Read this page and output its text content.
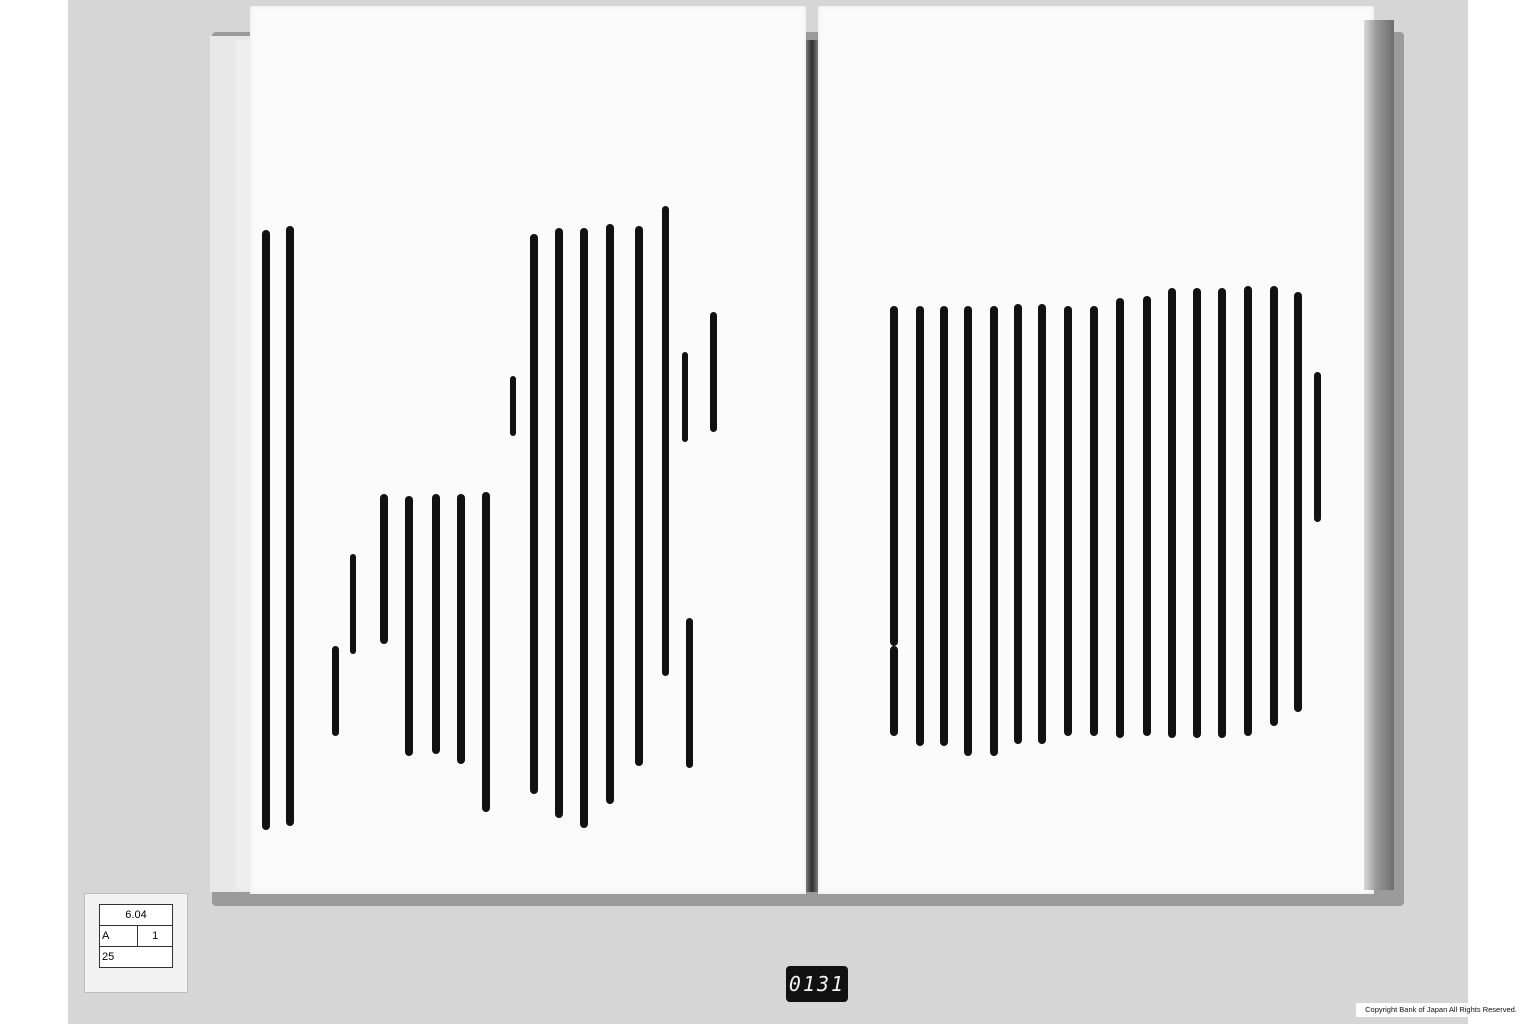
6.04
A	1
25
0131
Copyright Bank of Japan All Rights Reserved.
